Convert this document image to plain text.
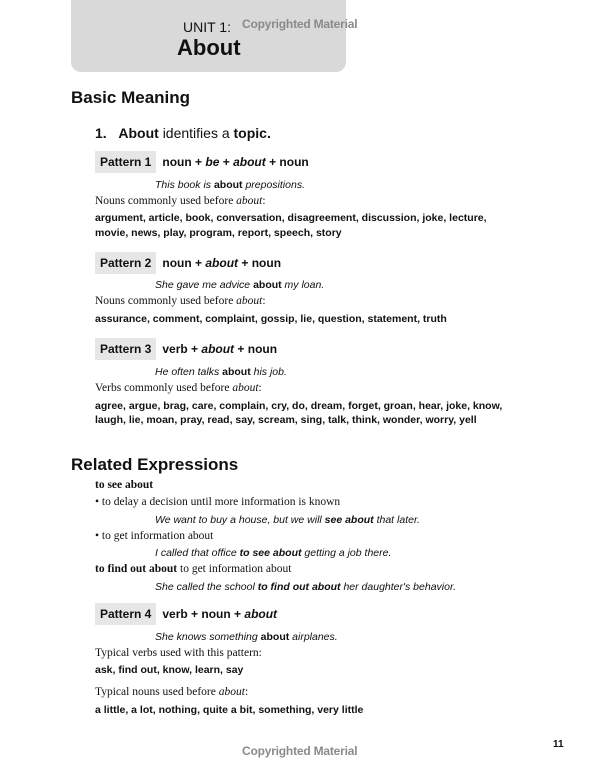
UNIT 1:
About
Copyrighted Material
Basic Meaning
1. About identifies a topic.
Pattern 1 noun + be + about + noun
This book is about prepositions.
Nouns commonly used before about:
argument, article, book, conversation, disagreement, discussion, joke, lecture,
movie, news, play, program, report, speech, story
Pattern 2 noun + about + noun
She gave me advice about my loan.
Nouns commonly used before about:
assurance, comment, complaint, gossip, lie, question, statement, truth
Pattern 3 verb + about + noun
He often talks about his job.
Verbs commonly used before about:
agree, argue, brag, care, complain, cry, do, dream, forget, groan, hear, joke, know,
laugh, lie, moan, pray, read, say, scream, sing, talk, think, wonder, worry, yell
Related Expressions
to see about
• to delay a decision until more information is known
We want to buy a house, but we will see about that later.
• to get information about
I called that office to see about getting a job there.
to find out about to get information about
She called the school to find out about her daughter's behavior.
Pattern 4 verb + noun + about
She knows something about airplanes.
Typical verbs used with this pattern:
ask, find out, know, learn, say
Typical nouns used before about:
a little, a lot, nothing, quite a bit, something, very little
Copyrighted Material	11
